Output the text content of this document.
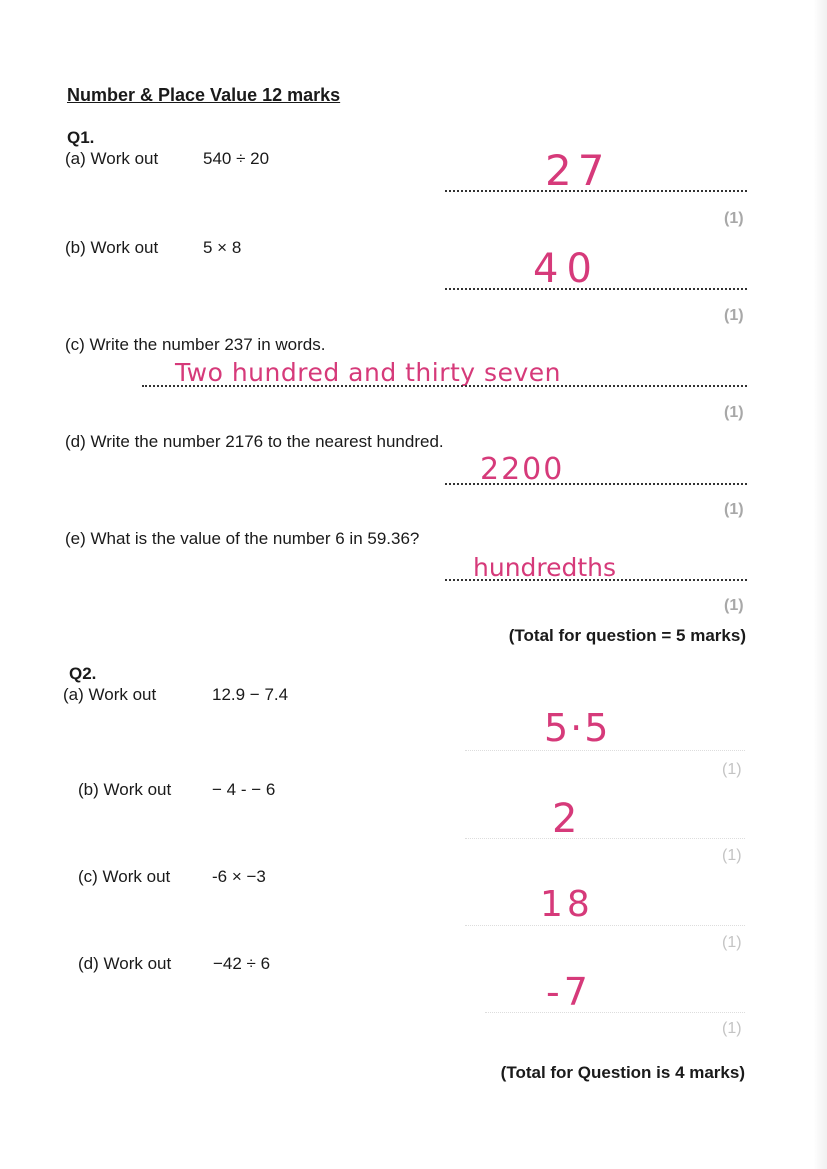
Number & Place Value 12 marks
Q1.
(a) Work out	540 ÷ 20	27
(1)
(b) Work out	5 × 8	40
(1)
(c) Write the number 237 in words.
Two hundred and thirty seven
(1)
(d) Write the number 2176 to the nearest hundred.
2200
(1)
(e) What is the value of the number 6 in 59.36?
hundredths
(1)
(Total for question = 5 marks)
Q2.
(a) Work out	12.9 − 7.4
5·5
(1)
(b) Work out − 4 - − 6
2
(1)
(c) Work out -6 × −3
18
(1)
(d) Work out −42 ÷ 6
-7
(1)
(Total for Question is 4 marks)
